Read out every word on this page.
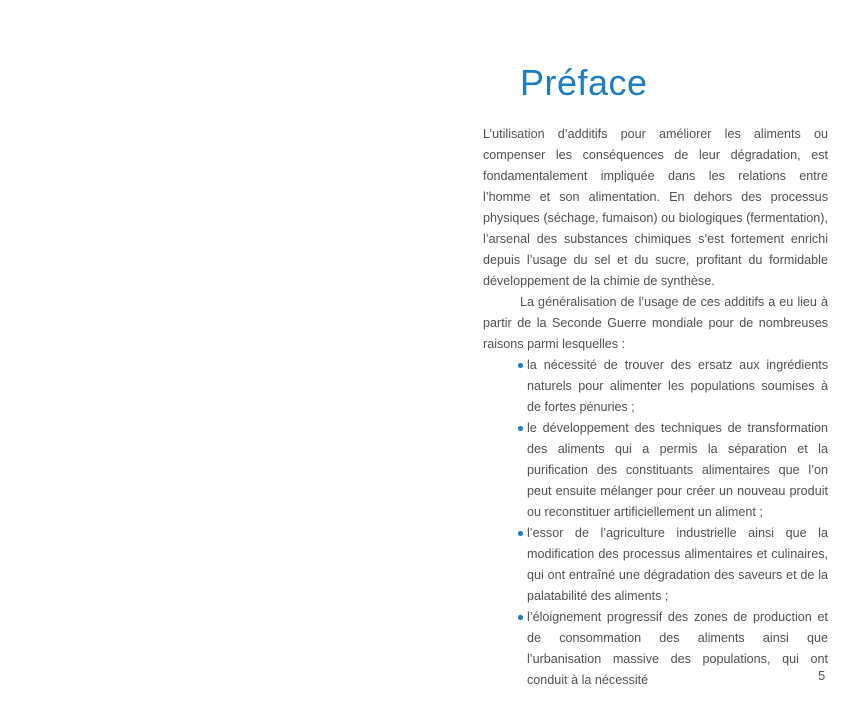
Préface

L’utilisation d’additifs pour améliorer les aliments ou compenser les conséquences de leur dégradation, est fondamentalement impliquée dans les relations entre l’homme et son alimentation. En dehors des processus physiques (séchage, fumaison) ou biologiques (fermentation), l’arsenal des substances chimiques s’est fortement enrichi depuis l’usage du sel et du sucre, profitant du formidable développement de la chimie de synthèse.

La généralisation de l’usage de ces additifs a eu lieu à partir de la Seconde Guerre mondiale pour de nombreuses raisons parmi lesquelles :

la nécessité de trouver des ersatz aux ingrédients naturels pour alimenter les populations soumises à de fortes pénuries ;
le développement des techniques de transformation des aliments qui a permis la séparation et la purification des constituants alimentaires que l’on peut ensuite mélanger pour créer un nouveau produit ou reconstituer artificiellement un aliment ;
l’essor de l’agriculture industrielle ainsi que la modification des processus alimentaires et culinaires, qui ont entraîné une dégradation des saveurs et de la palatabilité des aliments ;
l’éloignement progressif des zones de production et de consommation des aliments ainsi que l’urbanisation massive des populations, qui ont conduit à la nécessité	5
